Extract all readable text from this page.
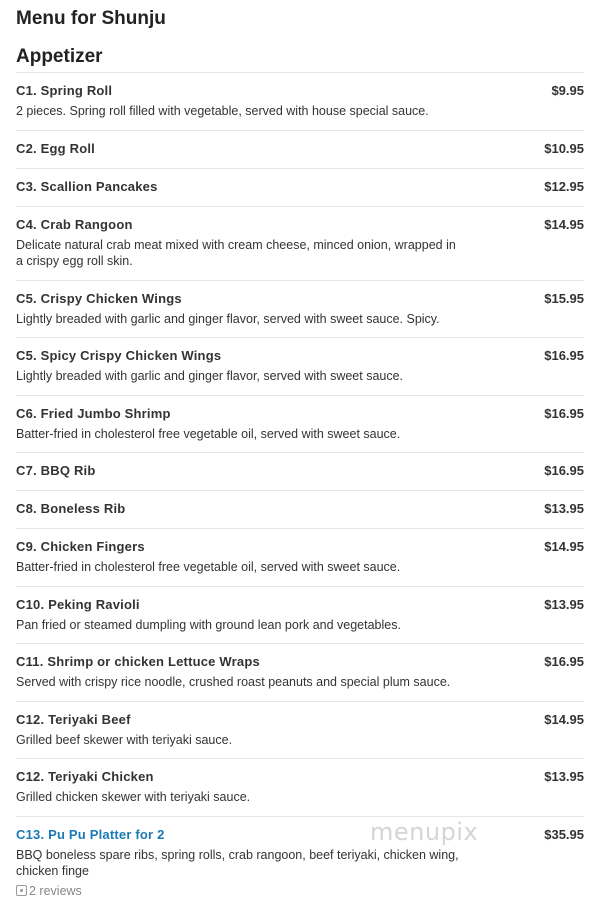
Menu for Shunju
Appetizer
C1. Spring Roll	$9.95
2 pieces. Spring roll filled with vegetable, served with house special sauce.
C2. Egg Roll	$10.95
C3. Scallion Pancakes	$12.95
C4. Crab Rangoon	$14.95
Delicate natural crab meat mixed with cream cheese, minced onion, wrapped in a crispy egg roll skin.
C5. Crispy Chicken Wings	$15.95
Lightly breaded with garlic and ginger flavor, served with sweet sauce. Spicy.
C5. Spicy Crispy Chicken Wings	$16.95
Lightly breaded with garlic and ginger flavor, served with sweet sauce.
C6. Fried Jumbo Shrimp	$16.95
Batter-fried in cholesterol free vegetable oil, served with sweet sauce.
C7. BBQ Rib	$16.95
C8. Boneless Rib	$13.95
C9. Chicken Fingers	$14.95
Batter-fried in cholesterol free vegetable oil, served with sweet sauce.
C10. Peking Ravioli	$13.95
Pan fried or steamed dumpling with ground lean pork and vegetables.
C11. Shrimp or chicken Lettuce Wraps	$16.95
Served with crispy rice noodle, crushed roast peanuts and special plum sauce.
C12. Teriyaki Beef	$14.95
Grilled beef skewer with teriyaki sauce.
C12. Teriyaki Chicken	$13.95
Grilled chicken skewer with teriyaki sauce.
C13. Pu Pu Platter for 2	$35.95
BBQ boneless spare ribs, spring rolls, crab rangoon, beef teriyaki, chicken wing, chicken finge
2 reviews
menupix
